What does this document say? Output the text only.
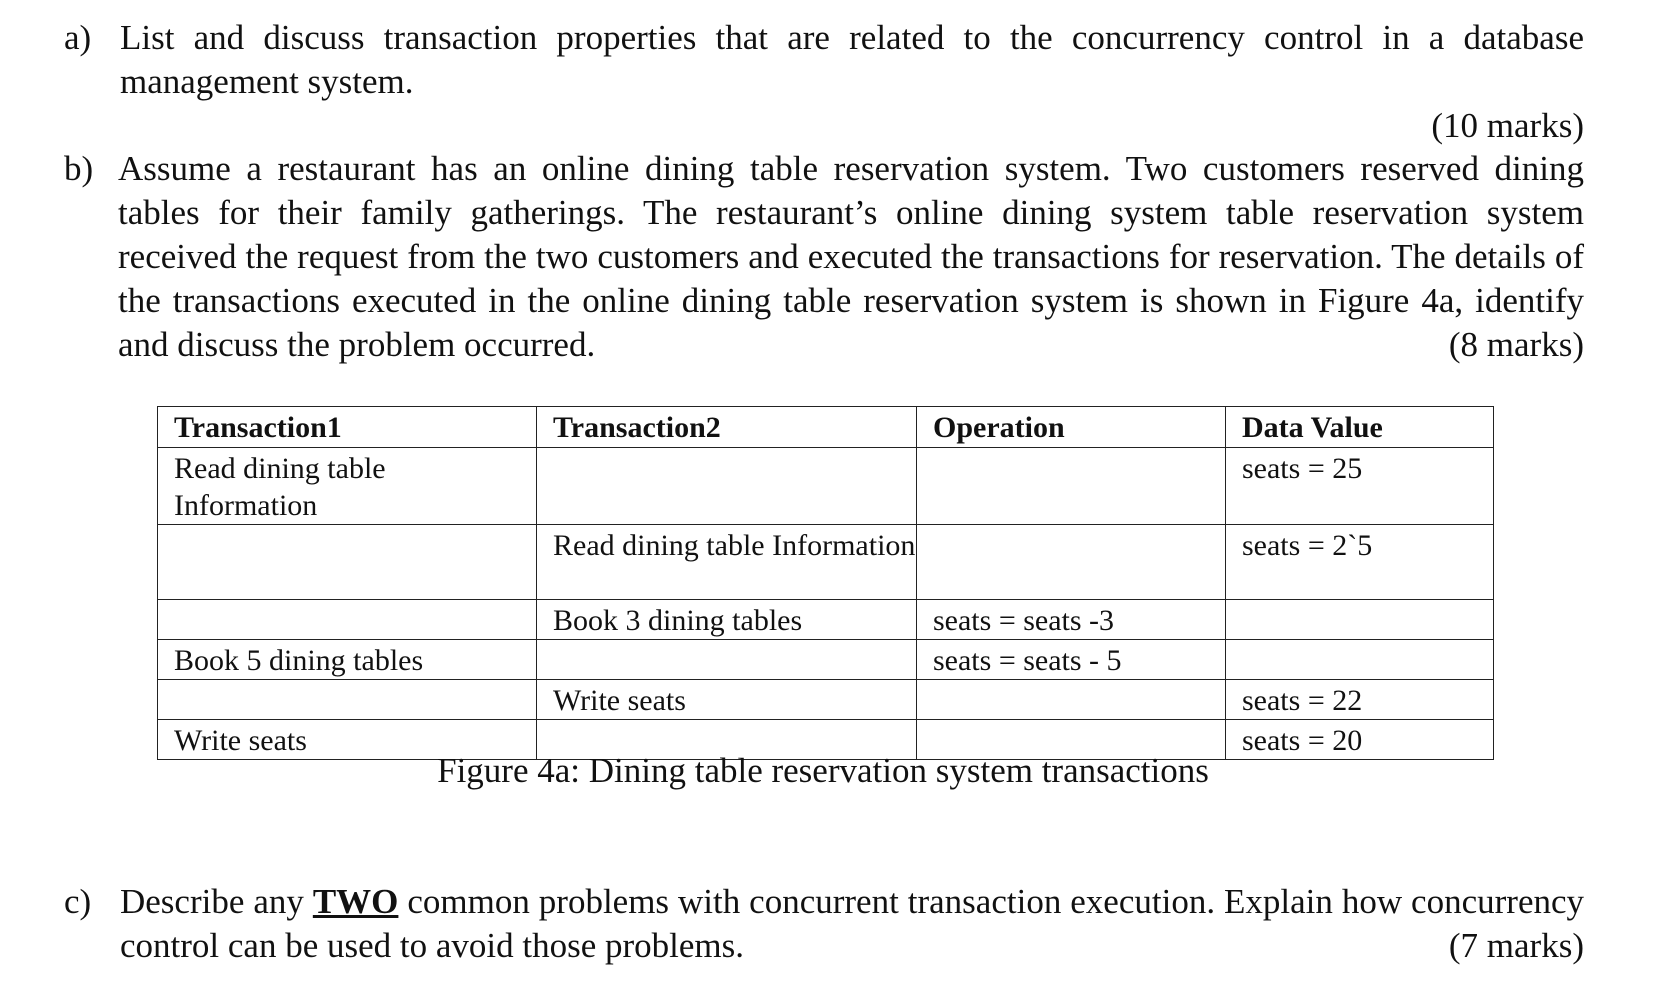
a) List and discuss transaction properties that are related to the concurrency control in a database management system.
(10 marks)
b) Assume a restaurant has an online dining table reservation system. Two customers reserved dining tables for their family gatherings. The restaurant’s online dining system table reservation system received the request from the two customers and executed the transactions for reservation. The details of the transactions executed in the online dining table reservation system is shown in Figure 4a, identify and discuss the problem occurred.	(8 marks)
Transaction1	Transaction2	Operation	Data Value
Read dining table Information			seats = 25
	Read dining table Information		seats = 2`5
	Book 3 dining tables	seats = seats -3	
Book 5 dining tables		seats = seats - 5	
	Write seats		seats = 22
Write seats			seats = 20
Figure 4a: Dining table reservation system transactions
c) Describe any TWO common problems with concurrent transaction execution. Explain how concurrency control can be used to avoid those problems.	(7 marks)
